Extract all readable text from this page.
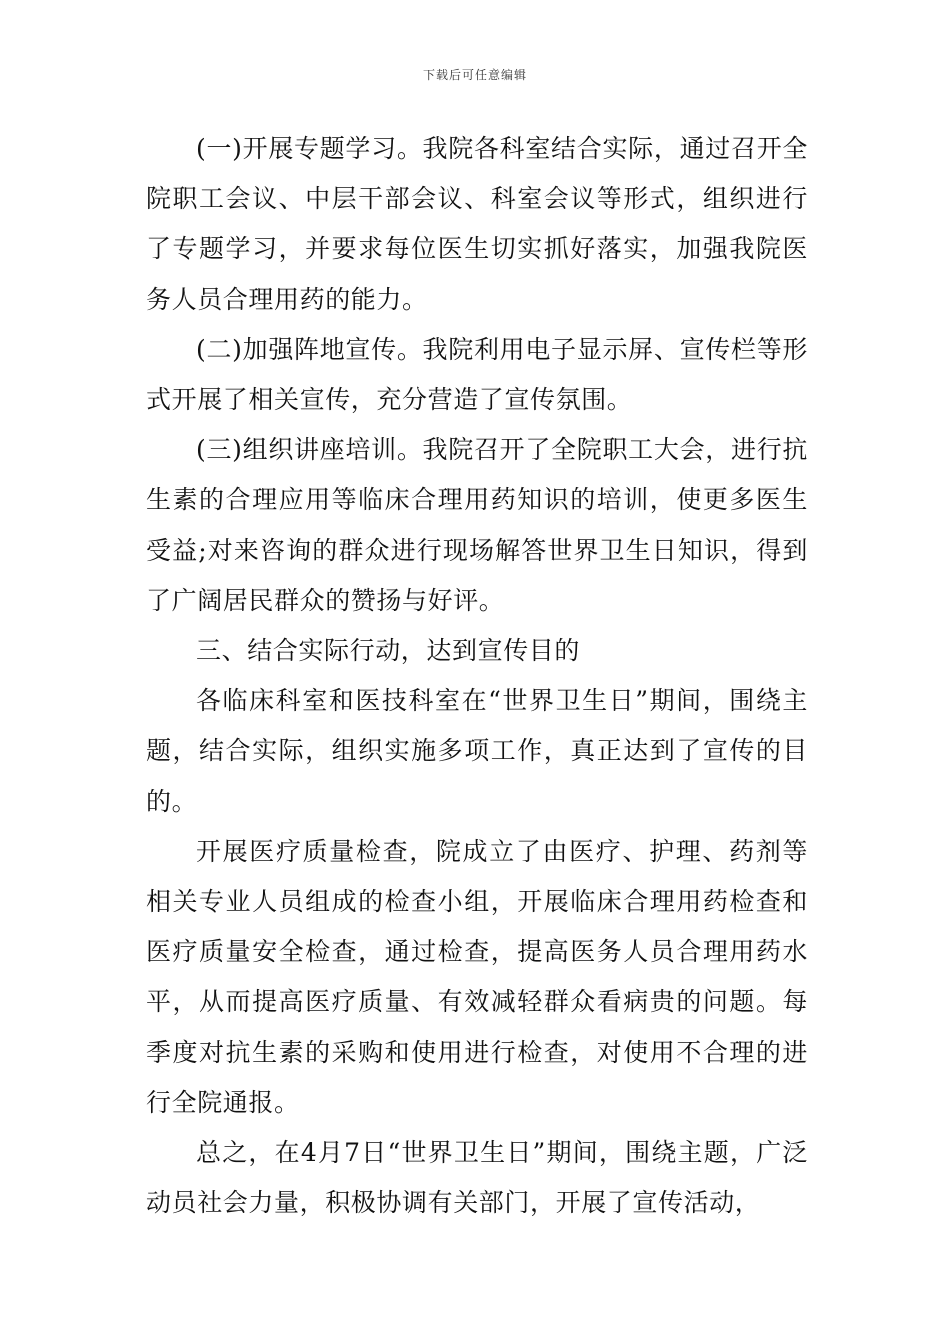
下载后可任意编辑

(一)开展专题学习。我院各科室结合实际，通过召开全院职工会议、中层干部会议、科室会议等形式，组织进行了专题学习，并要求每位医生切实抓好落实，加强我院医务人员合理用药的能力。

(二)加强阵地宣传。我院利用电子显示屏、宣传栏等形式开展了相关宣传，充分营造了宣传氛围。

(三)组织讲座培训。我院召开了全院职工大会，进行抗生素的合理应用等临床合理用药知识的培训，使更多医生受益;对来咨询的群众进行现场解答世界卫生日知识，得到了广阔居民群众的赞扬与好评。

三、结合实际行动，达到宣传目的

各临床科室和医技科室在“世界卫生日”期间，围绕主题，结合实际，组织实施多项工作，真正达到了宣传的目的。

开展医疗质量检查，院成立了由医疗、护理、药剂等相关专业人员组成的检查小组，开展临床合理用药检查和医疗质量安全检查，通过检查，提高医务人员合理用药水平，从而提高医疗质量、有效减轻群众看病贵的问题。每季度对抗生素的采购和使用进行检查，对使用不合理的进行全院通报。

总之，在4月7日“世界卫生日”期间，围绕主题，广泛动员社会力量，积极协调有关部门，开展了宣传活动，
